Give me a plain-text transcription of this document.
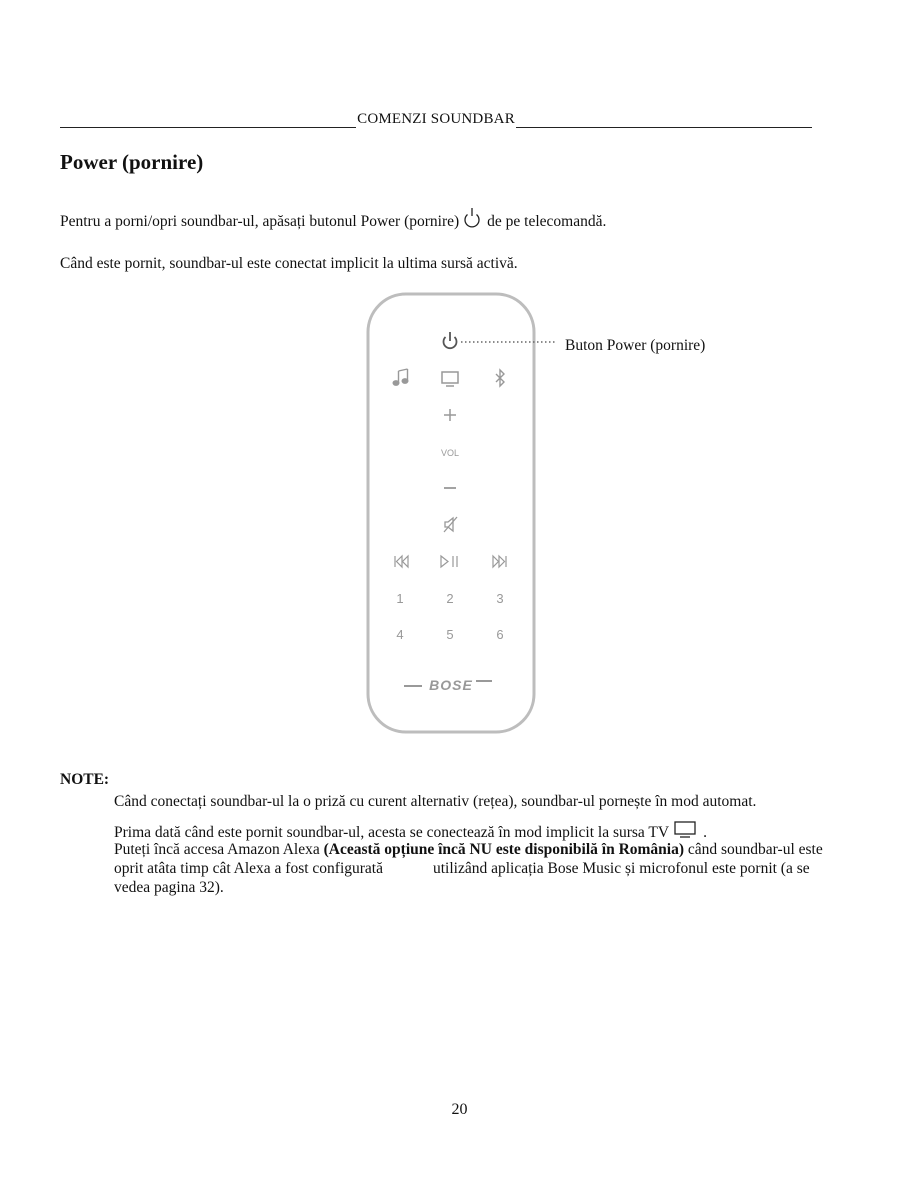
COMENZI SOUNDBAR
Power (pornire)
Pentru a porni/opri soundbar-ul, apăsați butonul Power (pornire) de pe telecomandă.
Când este pornit, soundbar-ul este conectat implicit la ultima sursă activă.
VOL
1	2	3
4	5	6
BOSE
Buton Power (pornire)
NOTE:

Când conectați soundbar-ul la o priză cu curent alternativ (rețea), soundbar-ul pornește în mod automat.

Prima dată când este pornit soundbar-ul, acesta se conectează în mod implicit la sursa TV .

Puteți încă accesa Amazon Alexa (Această opțiune încă NU este disponibilă în România) când soundbar-ul este oprit atâta timp cât Alexa a fost configurată	utilizând aplicația Bose Music și microfonul este pornit (a se vedea pagina 32).

20
